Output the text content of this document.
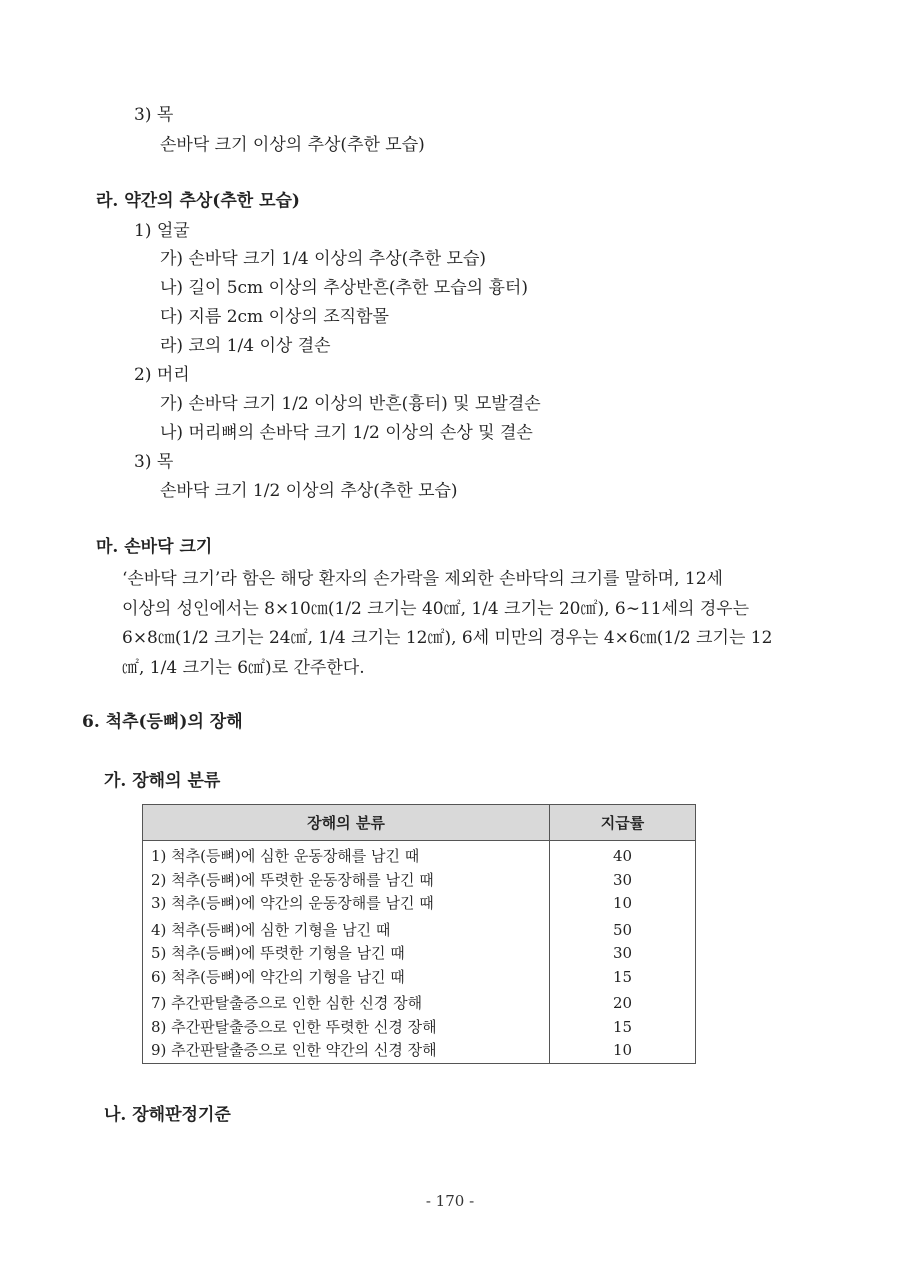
3) 목
손바닥 크기 이상의 추상(추한 모습)
라. 약간의 추상(추한 모습)
1) 얼굴
가) 손바닥 크기 1/4 이상의 추상(추한 모습)
나) 길이 5cm 이상의 추상반흔(추한 모습의 흉터)
다) 지름 2cm 이상의 조직함몰
라) 코의 1/4 이상 결손
2) 머리
가) 손바닥 크기 1/2 이상의 반흔(흉터) 및 모발결손
나) 머리뼈의 손바닥 크기 1/2 이상의 손상 및 결손
3) 목
손바닥 크기 1/2 이상의 추상(추한 모습)
마. 손바닥 크기

‘손바닥 크기’라 함은 해당 환자의 손가락을 제외한 손바닥의 크기를 말하며, 12세

이상의 성인에서는 8×10㎝(1/2 크기는 40㎠, 1/4 크기는 20㎠), 6∼11세의 경우는

6×8㎝(1/2 크기는 24㎠, 1/4 크기는 12㎠), 6세 미만의 경우는 4×6㎝(1/2 크기는 12

㎠, 1/4 크기는 6㎠)로 간주한다.

6. 척추(등뼈)의 장해
가. 장해의 분류
장해의 분류	지급률
1) 척추(등뼈)에 심한 운동장해를 남긴 때	40
2) 척추(등뼈)에 뚜렷한 운동장해를 남긴 때	30
3) 척추(등뼈)에 약간의 운동장해를 남긴 때	10
4) 척추(등뼈)에 심한 기형을 남긴 때	50
5) 척추(등뼈)에 뚜렷한 기형을 남긴 때	30
6) 척추(등뼈)에 약간의 기형을 남긴 때	15
7) 추간판탈출증으로 인한 심한 신경 장해	20
8) 추간판탈출증으로 인한 뚜렷한 신경 장해	15
9) 추간판탈출증으로 인한 약간의 신경 장해	10
나. 장해판정기준
- 170 -
